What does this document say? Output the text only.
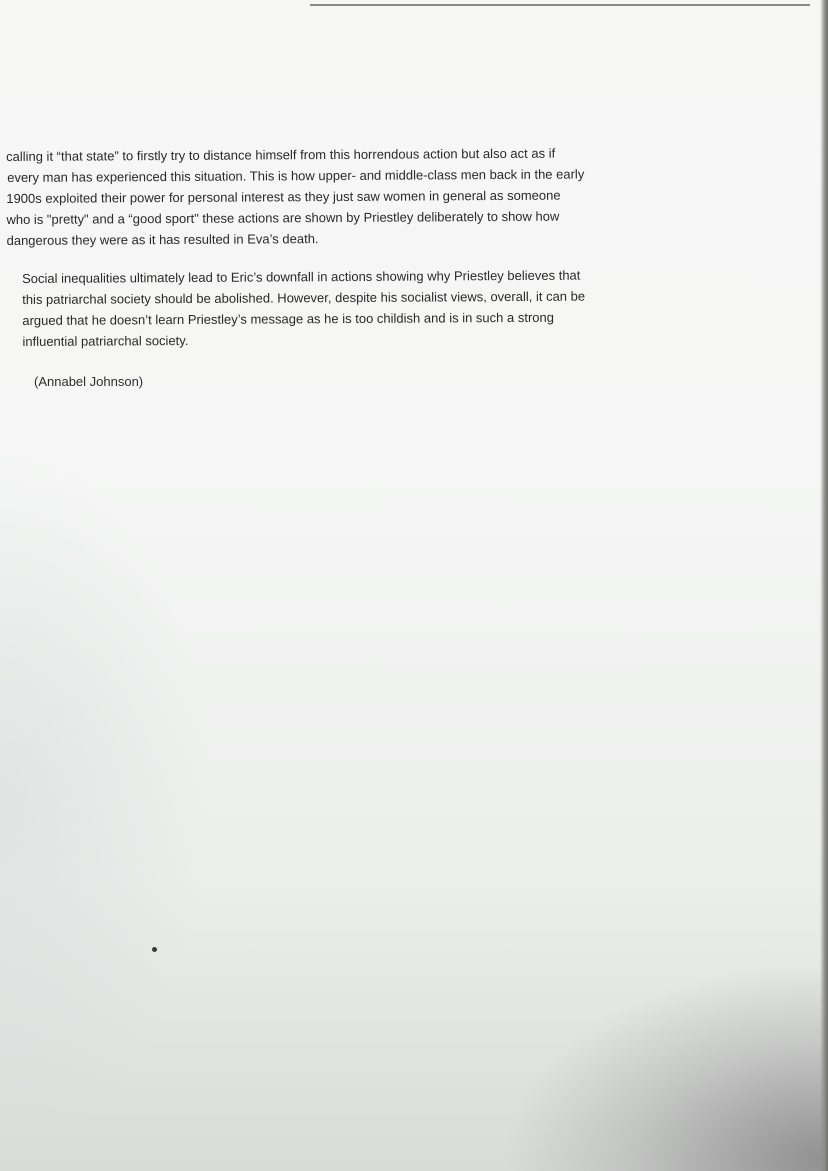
calling it “that state” to firstly try to distance himself from this horrendous action but also act as if

every man has experienced this situation. This is how upper- and middle-class men back in the early

1900s exploited their power for personal interest as they just saw women in general as someone

who is "pretty" and a “good sport" these actions are shown by Priestley deliberately to show how

dangerous they were as it has resulted in Eva’s death.

Social inequalities ultimately lead to Eric’s downfall in actions showing why Priestley believes that

this patriarchal society should be abolished. However, despite his socialist views, overall, it can be

argued that he doesn’t learn Priestley’s message as he is too childish and is in such a strong

influential patriarchal society.

(Annabel Johnson)
